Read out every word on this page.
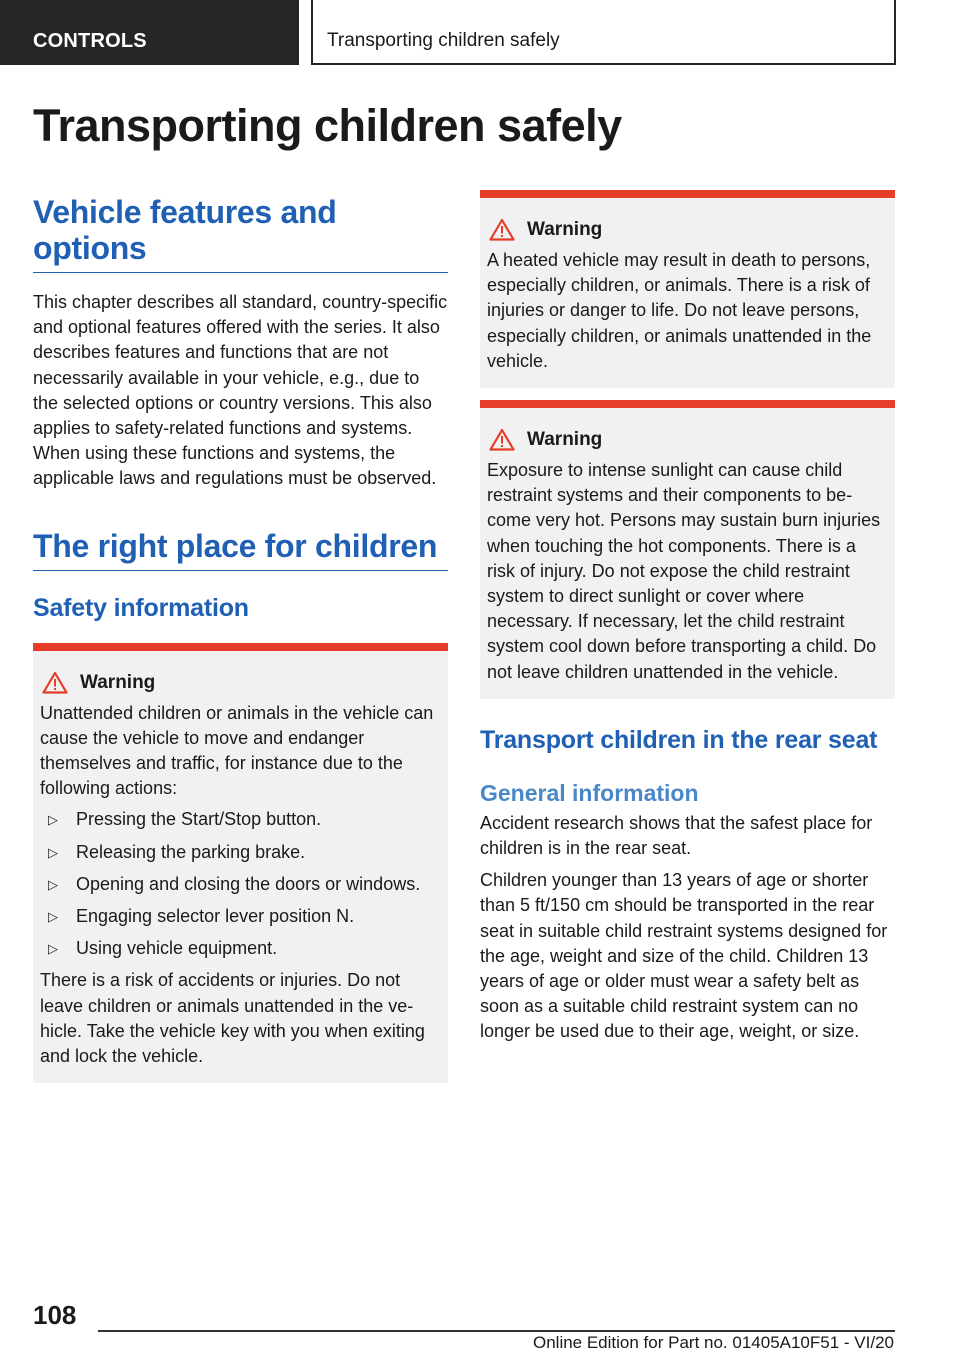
CONTROLS	Transporting children safely
Transporting children safely
Vehicle features and options

This chapter describes all standard, country-specific and optional features offered with the series. It also describes features and functions that are not necessarily available in your vehicle, e.g., due to the selected options or country versions. This also applies to safety-related functions and systems. When using these functions and systems, the applicable laws and regulations must be observed.

The right place for children
Safety information
Warning

Unattended children or animals in the vehicle can cause the vehicle to move and endanger themselves and traffic, for instance due to the following actions:

▷	Pressing the Start/Stop button.
▷	Releasing the parking brake.
▷	Opening and closing the doors or windows.
▷	Engaging selector lever position N.
▷	Using vehicle equipment.

There is a risk of accidents or injuries. Do not leave children or animals unattended in the vehicle. Take the vehicle key with you when exiting and lock the vehicle.

Warning

A heated vehicle may result in death to persons, especially children, or animals. There is a risk of injuries or danger to life. Do not leave persons, especially children, or animals unattended in the vehicle.

Warning

Exposure to intense sunlight can cause child restraint systems and their components to become very hot. Persons may sustain burn injuries when touching the hot components. There is a risk of injury. Do not expose the child restraint system to direct sunlight or cover where necessary. If necessary, let the child restraint system cool down before transporting a child. Do not leave children unattended in the vehicle.

Transport children in the rear seat
General information

Accident research shows that the safest place for children is in the rear seat.

Children younger than 13 years of age or shorter than 5 ft/150 cm should be transported in the rear seat in suitable child restraint systems designed for the age, weight and size of the child. Children 13 years of age or older must wear a safety belt as soon as a suitable child restraint system can no longer be used due to their age, weight, or size.

108
Online Edition for Part no. 01405A10F51 - VI/20
